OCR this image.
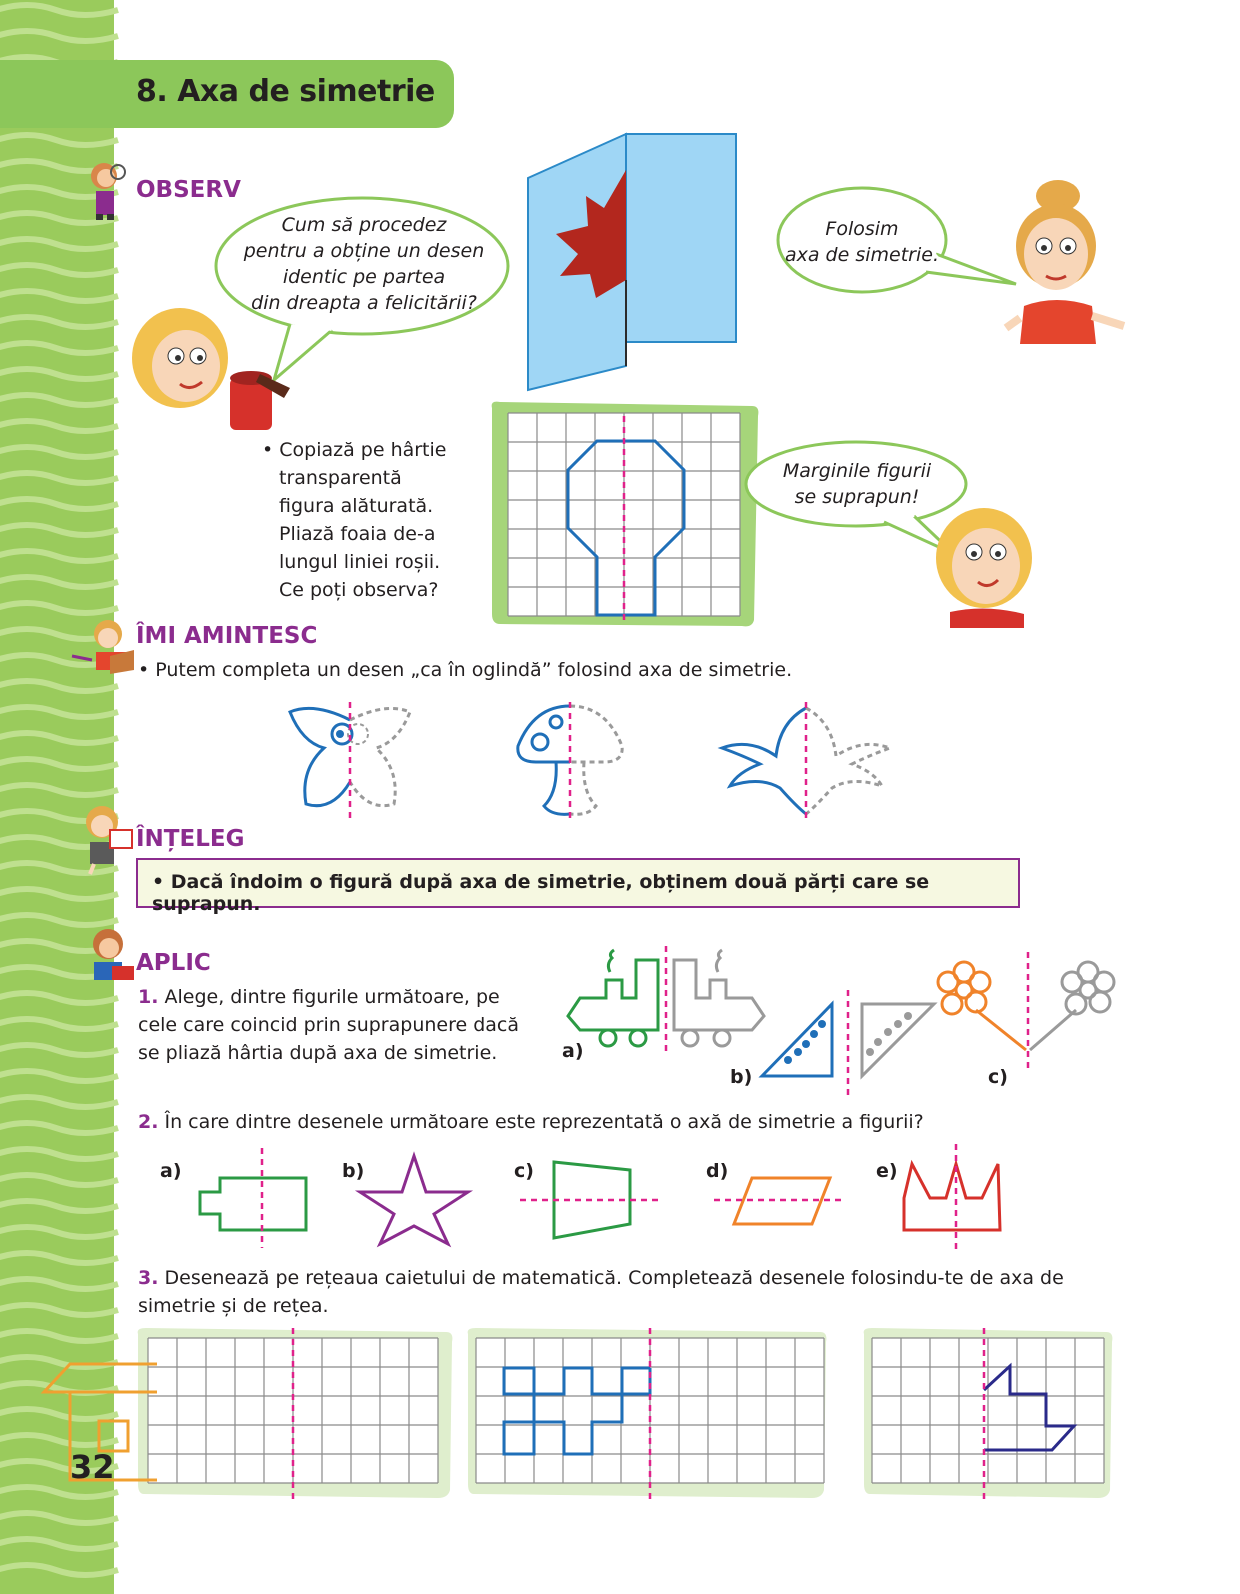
8. Axa de simetrie
OBSERV
Cum să procedez
pentru a obține un desen
identic pe partea
din dreapta a felicitării?
Folosim
axa de simetrie.
• Copiază pe hârtie
transparentă
figura alăturată.
Pliază foaia de-a
lungul liniei roșii.
Ce poți observa?
Marginile figurii
se suprapun!
ÎMI AMINTESC
• Putem completa un desen „ca în oglindă” folosind axa de simetrie.
ÎNȚELEG
• Dacă îndoim o figură după axa de simetrie, obținem două părți care se suprapun.
APLIC
1. Alege, dintre figurile următoare, pe
cele care coincid prin suprapunere dacă
se pliază hârtia după axa de simetrie.	a)
b)	c)
2. În care dintre desenele următoare este reprezentată o axă de simetrie a figurii?
a)	b)	c)	d)	e)
3. Desenează pe rețeaua caietului de matematică. Completează desenele folosindu-te de axa de
simetrie și de rețea.
32
